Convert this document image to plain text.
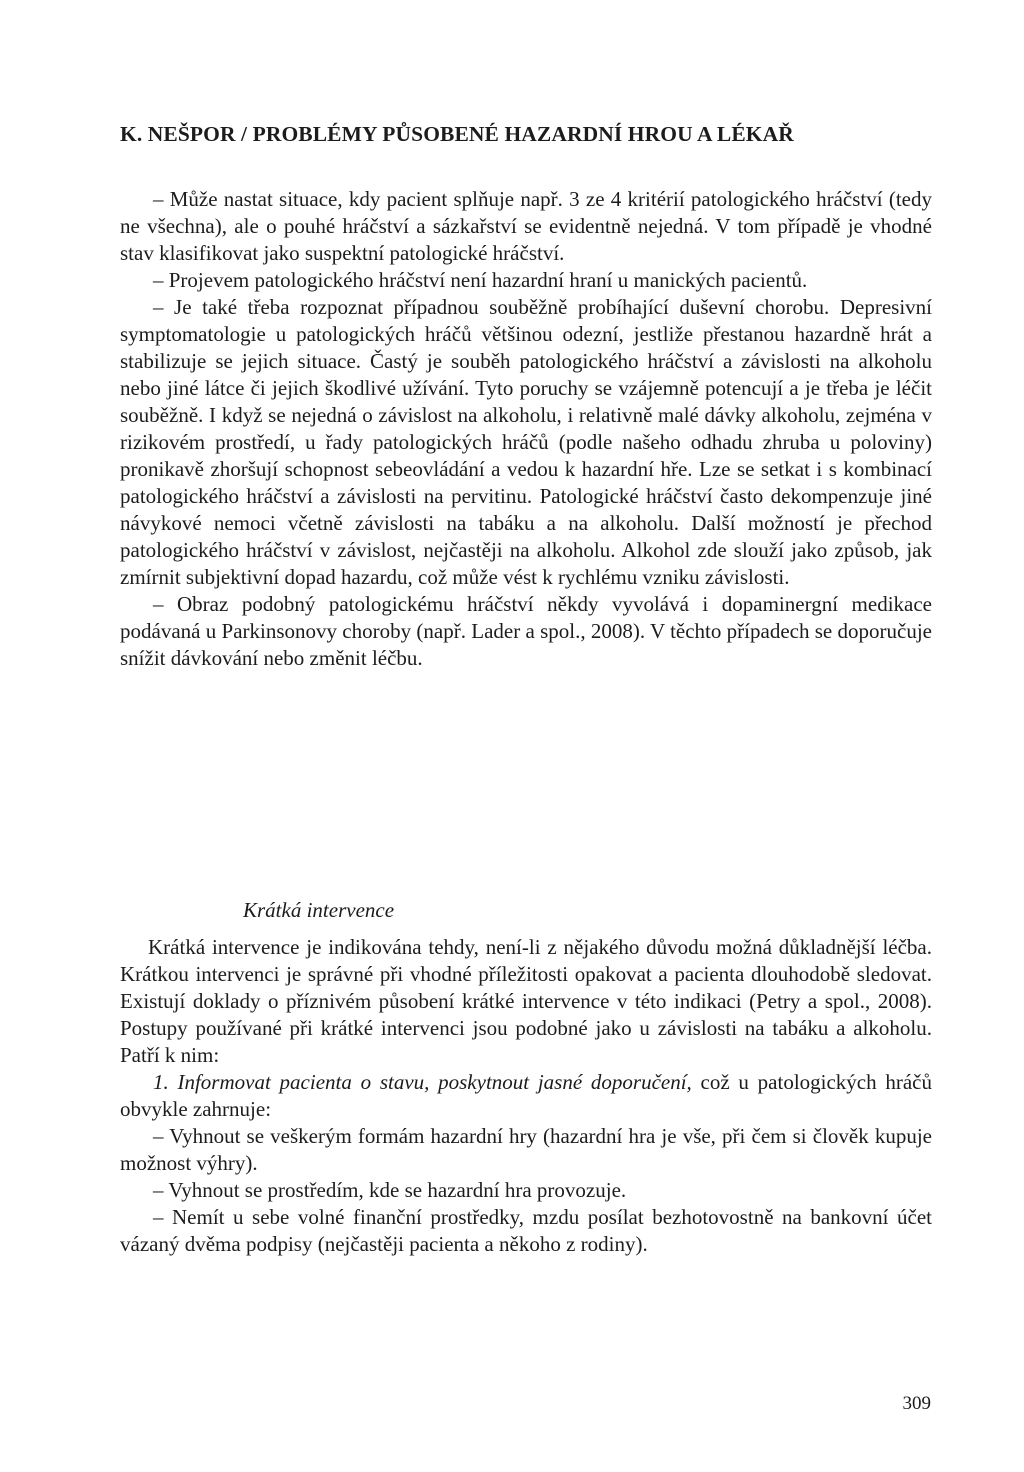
K. NEŠPOR / PROBLÉMY PŮSOBENÉ HAZARDNÍ HROU A LÉKAŘ

– Může nastat situace, kdy pacient splňuje např. 3 ze 4 kritérií patologického hráčství (tedy ne všechna), ale o pouhé hráčství a sázkařství se evidentně nejedná. V tom případě je vhodné stav klasifikovat jako suspektní patologické hráčství.

– Projevem patologického hráčství není hazardní hraní u manických pacientů.

– Je také třeba rozpoznat případnou souběžně probíhající duševní chorobu. Depresivní symptomatologie u patologických hráčů většinou odezní, jestliže přestanou hazardně hrát a stabilizuje se jejich situace. Častý je souběh patologického hráčství a závislosti na alkoholu nebo jiné látce či jejich škodlivé užívání. Tyto poruchy se vzájemně potencují a je třeba je léčit souběžně. I když se nejedná o závislost na alkoholu, i relativně malé dávky alkoholu, zejména v rizikovém prostředí, u řady patologických hráčů (podle našeho odhadu zhruba u poloviny) pronikavě zhoršují schopnost sebeovládání a vedou k hazardní hře. Lze se setkat i s kombinací patologického hráčství a závislosti na pervitinu. Patologické hráčství často dekompenzuje jiné návykové nemoci včetně závislosti na tabáku a na alkoholu. Další možností je přechod patologického hráčství v závislost, nejčastěji na alkoholu. Alkohol zde slouží jako způsob, jak zmírnit subjektivní dopad hazardu, což může vést k rychlému vzniku závislosti.

– Obraz podobný patologickému hráčství někdy vyvolává i dopaminergní medikace podávaná u Parkinsonovy choroby (např. Lader a spol., 2008). V těchto případech se doporučuje snížit dávkování nebo změnit léčbu.

Krátká intervence

Krátká intervence je indikována tehdy, není-li z nějakého důvodu možná důkladnější léčba. Krátkou intervenci je správné při vhodné příležitosti opakovat a pacienta dlouhodobě sledovat. Existují doklady o příznivém působení krátké intervence v této indikaci (Petry a spol., 2008). Postupy používané při krátké intervenci jsou podobné jako u závislosti na tabáku a alkoholu. Patří k nim:

1. Informovat pacienta o stavu, poskytnout jasné doporučení, což u patologických hráčů obvykle zahrnuje:

– Vyhnout se veškerým formám hazardní hry (hazardní hra je vše, při čem si člověk kupuje možnost výhry).

– Vyhnout se prostředím, kde se hazardní hra provozuje.

– Nemít u sebe volné finanční prostředky, mzdu posílat bezhotovostně na bankovní účet vázaný dvěma podpisy (nejčastěji pacienta a někoho z rodiny).

309
